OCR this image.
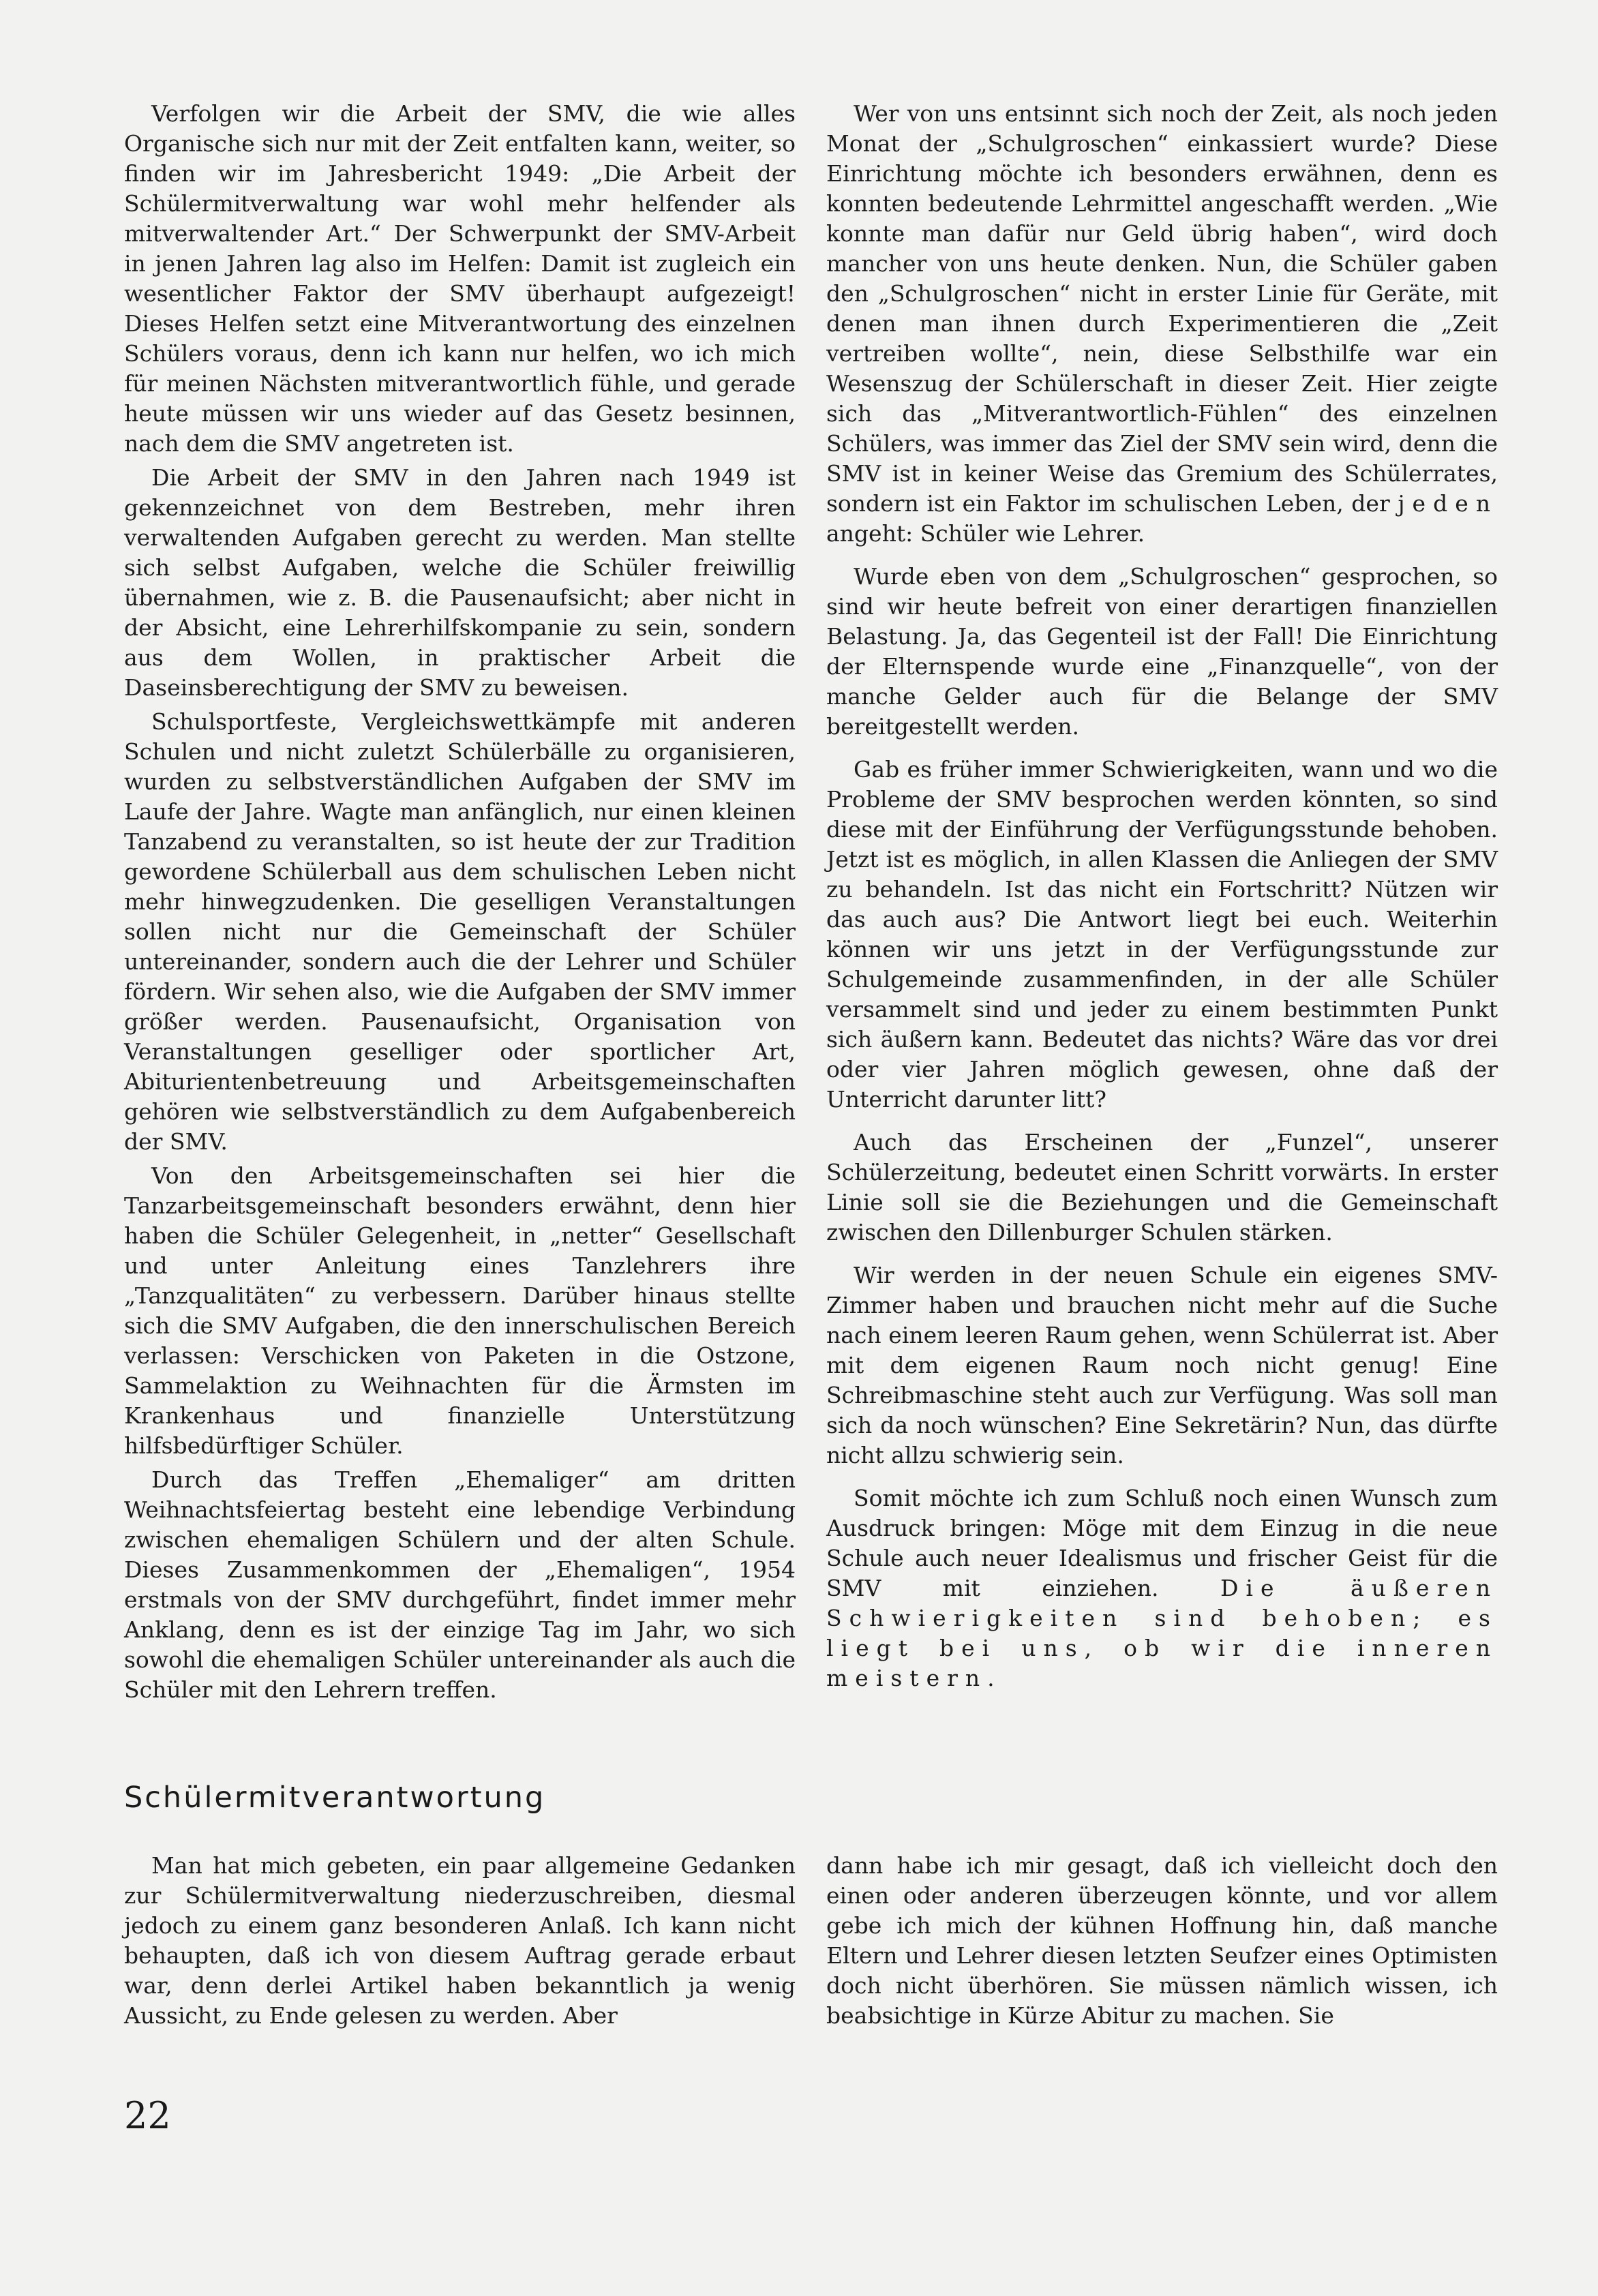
Verfolgen wir die Arbeit der SMV, die wie alles Organische sich nur mit der Zeit entfalten kann, weiter, so finden wir im Jahresbericht 1949: „Die Arbeit der Schülermitverwaltung war wohl mehr helfender als mitverwaltender Art.“ Der Schwerpunkt der SMV-Arbeit in jenen Jahren lag also im Helfen: Damit ist zugleich ein wesentlicher Faktor der SMV überhaupt aufgezeigt! Dieses Helfen setzt eine Mitverantwortung des einzelnen Schülers voraus, denn ich kann nur helfen, wo ich mich für meinen Nächsten mitverantwortlich fühle, und gerade heute müssen wir uns wieder auf das Gesetz besinnen, nach dem die SMV angetreten ist.

Die Arbeit der SMV in den Jahren nach 1949 ist gekennzeichnet von dem Bestreben, mehr ihren verwaltenden Aufgaben gerecht zu werden. Man stellte sich selbst Aufgaben, welche die Schüler freiwillig übernahmen, wie z. B. die Pausenaufsicht; aber nicht in der Absicht, eine Lehrerhilfskompanie zu sein, sondern aus dem Wollen, in praktischer Arbeit die Daseinsberechtigung der SMV zu beweisen.

Schulsportfeste, Vergleichswettkämpfe mit anderen Schulen und nicht zuletzt Schülerbälle zu organisieren, wurden zu selbstverständlichen Aufgaben der SMV im Laufe der Jahre. Wagte man anfänglich, nur einen kleinen Tanzabend zu veranstalten, so ist heute der zur Tradition gewordene Schülerball aus dem schulischen Leben nicht mehr hinwegzudenken. Die geselligen Veranstaltungen sollen nicht nur die Gemeinschaft der Schüler untereinander, sondern auch die der Lehrer und Schüler fördern. Wir sehen also, wie die Aufgaben der SMV immer größer werden. Pausenaufsicht, Organisation von Veranstaltungen geselliger oder sportlicher Art, Abiturientenbetreuung und Arbeitsgemeinschaften gehören wie selbstverständlich zu dem Aufgabenbereich der SMV.

Von den Arbeitsgemeinschaften sei hier die Tanzarbeitsgemeinschaft besonders erwähnt, denn hier haben die Schüler Gelegenheit, in „netter“ Gesellschaft und unter Anleitung eines Tanzlehrers ihre „Tanzqualitäten“ zu verbessern. Darüber hinaus stellte sich die SMV Aufgaben, die den innerschulischen Bereich verlassen: Verschicken von Paketen in die Ostzone, Sammelaktion zu Weihnachten für die Ärmsten im Krankenhaus und finanzielle Unterstützung hilfsbedürftiger Schüler.

Durch das Treffen „Ehemaliger“ am dritten Weihnachtsfeiertag besteht eine lebendige Verbindung zwischen ehemaligen Schülern und der alten Schule. Dieses Zusammenkommen der „Ehemaligen“, 1954 erstmals von der SMV durchgeführt, findet immer mehr Anklang, denn es ist der einzige Tag im Jahr, wo sich sowohl die ehemaligen Schüler untereinander als auch die Schüler mit den Lehrern treffen.

Wer von uns entsinnt sich noch der Zeit, als noch jeden Monat der „Schulgroschen“ einkassiert wurde? Diese Einrichtung möchte ich besonders erwähnen, denn es konnten bedeutende Lehrmittel angeschafft werden. „Wie konnte man dafür nur Geld übrig haben“, wird doch mancher von uns heute denken. Nun, die Schüler gaben den „Schulgroschen“ nicht in erster Linie für Geräte, mit denen man ihnen durch Experimentieren die „Zeit vertreiben wollte“, nein, diese Selbsthilfe war ein Wesenszug der Schülerschaft in dieser Zeit. Hier zeigte sich das „Mitverantwortlich-Fühlen“ des einzelnen Schülers, was immer das Ziel der SMV sein wird, denn die SMV ist in keiner Weise das Gremium des Schülerrates, sondern ist ein Faktor im schulischen Leben, der jeden angeht: Schüler wie Lehrer.

Wurde eben von dem „Schulgroschen“ gesprochen, so sind wir heute befreit von einer derartigen finanziellen Belastung. Ja, das Gegenteil ist der Fall! Die Einrichtung der Elternspende wurde eine „Finanzquelle“, von der manche Gelder auch für die Belange der SMV bereitgestellt werden.

Gab es früher immer Schwierigkeiten, wann und wo die Probleme der SMV besprochen werden könnten, so sind diese mit der Einführung der Verfügungsstunde behoben. Jetzt ist es möglich, in allen Klassen die Anliegen der SMV zu behandeln. Ist das nicht ein Fortschritt? Nützen wir das auch aus? Die Antwort liegt bei euch. Weiterhin können wir uns jetzt in der Verfügungsstunde zur Schulgemeinde zusammenfinden, in der alle Schüler versammelt sind und jeder zu einem bestimmten Punkt sich äußern kann. Bedeutet das nichts? Wäre das vor drei oder vier Jahren möglich gewesen, ohne daß der Unterricht darunter litt?

Auch das Erscheinen der „Funzel“, unserer Schülerzeitung, bedeutet einen Schritt vorwärts. In erster Linie soll sie die Beziehungen und die Gemeinschaft zwischen den Dillenburger Schulen stärken.

Wir werden in der neuen Schule ein eigenes SMV-Zimmer haben und brauchen nicht mehr auf die Suche nach einem leeren Raum gehen, wenn Schülerrat ist. Aber mit dem eigenen Raum noch nicht genug! Eine Schreibmaschine steht auch zur Verfügung. Was soll man sich da noch wünschen? Eine Sekretärin? Nun, das dürfte nicht allzu schwierig sein.

Somit möchte ich zum Schluß noch einen Wunsch zum Ausdruck bringen: Möge mit dem Einzug in die neue Schule auch neuer Idealismus und frischer Geist für die SMV mit einziehen.	Die äußeren Schwierigkeiten sind behoben; es liegt bei uns, ob wir die inneren meistern.

Schülermitverantwortung

Man hat mich gebeten, ein paar allgemeine Gedanken zur Schülermitverwaltung niederzuschreiben, diesmal jedoch zu einem ganz besonderen Anlaß. Ich kann nicht behaupten, daß ich von diesem Auftrag gerade erbaut war, denn derlei Artikel haben bekanntlich ja wenig Aussicht, zu Ende gelesen zu werden. Aber

dann habe ich mir gesagt, daß ich vielleicht doch den einen oder anderen überzeugen könnte, und vor allem gebe ich mich der kühnen Hoffnung hin, daß manche Eltern und Lehrer diesen letzten Seufzer eines Optimisten doch nicht überhören. Sie müssen nämlich wissen, ich beabsichtige in Kürze Abitur zu machen. Sie

22
